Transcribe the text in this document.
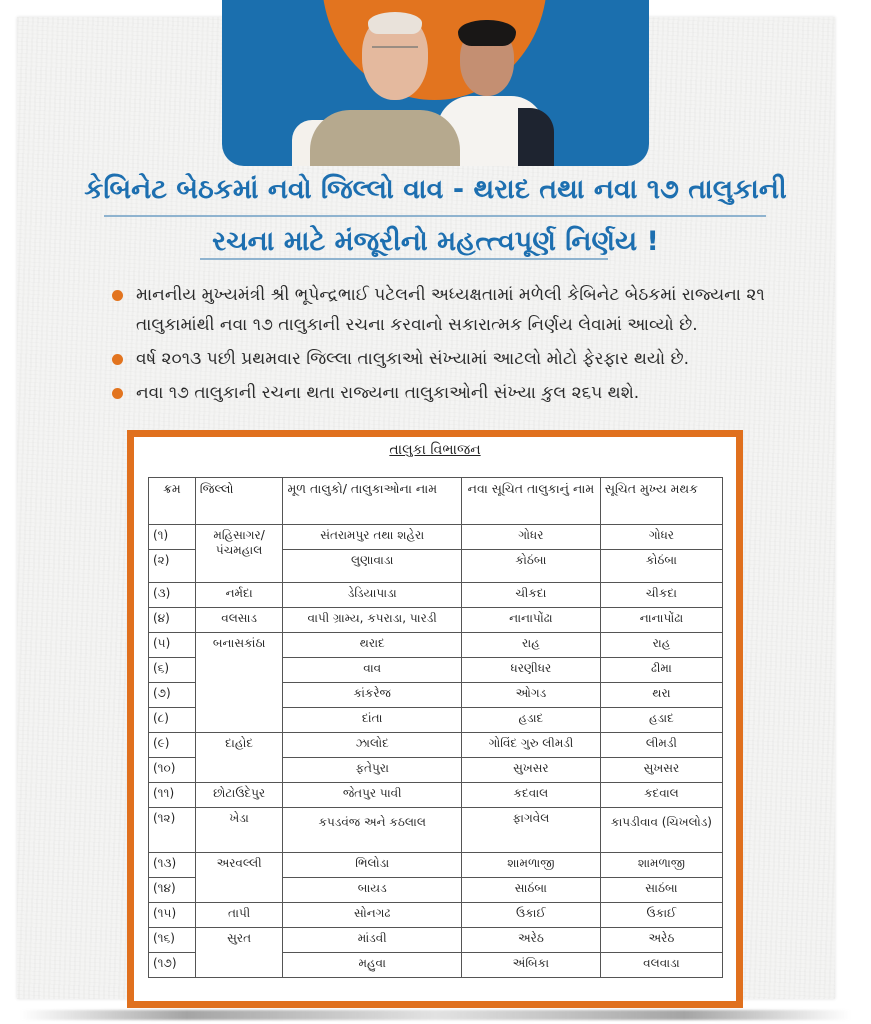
કેબિનેટ બેઠકમાં નવો જિલ્લો વાવ - થરાદ તથા નવા ૧૭ તાલુકાની
રચના માટે મંજૂરીનો મહત્ત્વપૂર્ણ નિર્ણય !
માનનીય મુખ્યમંત્રી શ્રી ભૂપેન્દ્રભાઈ પટેલની અધ્યક્ષતામાં મળેલી કેબિનેટ બેઠકમાં રાજ્યના ૨૧ તાલુકામાંથી નવા ૧૭ તાલુકાની રચના કરવાનો સકારાત્મક નિર્ણય લેવામાં આવ્યો છે.
વર્ષ ૨૦૧૩ પછી પ્રથમવાર જિલ્લા તાલુકાઓ સંખ્યામાં આટલો મોટો ફેરફાર થયો છે.
નવા ૧૭ તાલુકાની રચના થતા રાજ્યના તાલુકાઓની સંખ્યા કુલ ૨૬૫ થશે.
તાલુકા વિભાજન
ક્રમ	જિલ્લો	મૂળ તાલુકો/ તાલુકાઓના નામ	નવા સૂચિત તાલુકાનું નામ	સૂચિત મુખ્ય મથક
(૧)	મહિસાગર/ પંચમહાલ	સંતરામપુર તથા શહેરા	ગોધર	ગોધર
(૨)		લુણાવાડા	કોઠંબા	કોઠંબા
(૩)	નર્મદા	ડેડિયાપાડા	ચીકદા	ચીકદા
(૪)	વલસાડ	વાપી ગ્રામ્ય, કપરાડા, પારડી	નાનાપોંઢા	નાનાપોંઢા
(૫)	બનાસકાંઠા	થરાદ	રાહ	રાહ
(૬)		વાવ	ધરણીધર	ઢીમા
(૭)		કાંકરેજ	ઓગડ	થરા
(૮)		દાંતા	હડાદ	હડાદ
(૯)	દાહોદ	ઝાલોદ	ગોવિંદ ગુરુ લીમડી	લીમડી
(૧૦)		ફતેપુરા	સુખસર	સુખસર
(૧૧)	છોટાઉદેપુર	જેતપુર પાવી	કદવાલ	કદવાલ
(૧૨)	ખેડા	કપડવંજ અને કઠલાલ	ફાગવેલ	કાપડીવાવ (ચિખલોડ)
(૧૩)	અરવલ્લી	ભિલોડા	શામળાજી	શામળાજી
(૧૪)		બાયડ	સાઠંબા	સાઠંબા
(૧૫)	તાપી	સોનગઢ	ઉકાઈ	ઉકાઈ
(૧૬)	સુરત	માંડવી	અરેઠ	અરેઠ
(૧૭)		મહુવા	અંબિકા	વલવાડા
